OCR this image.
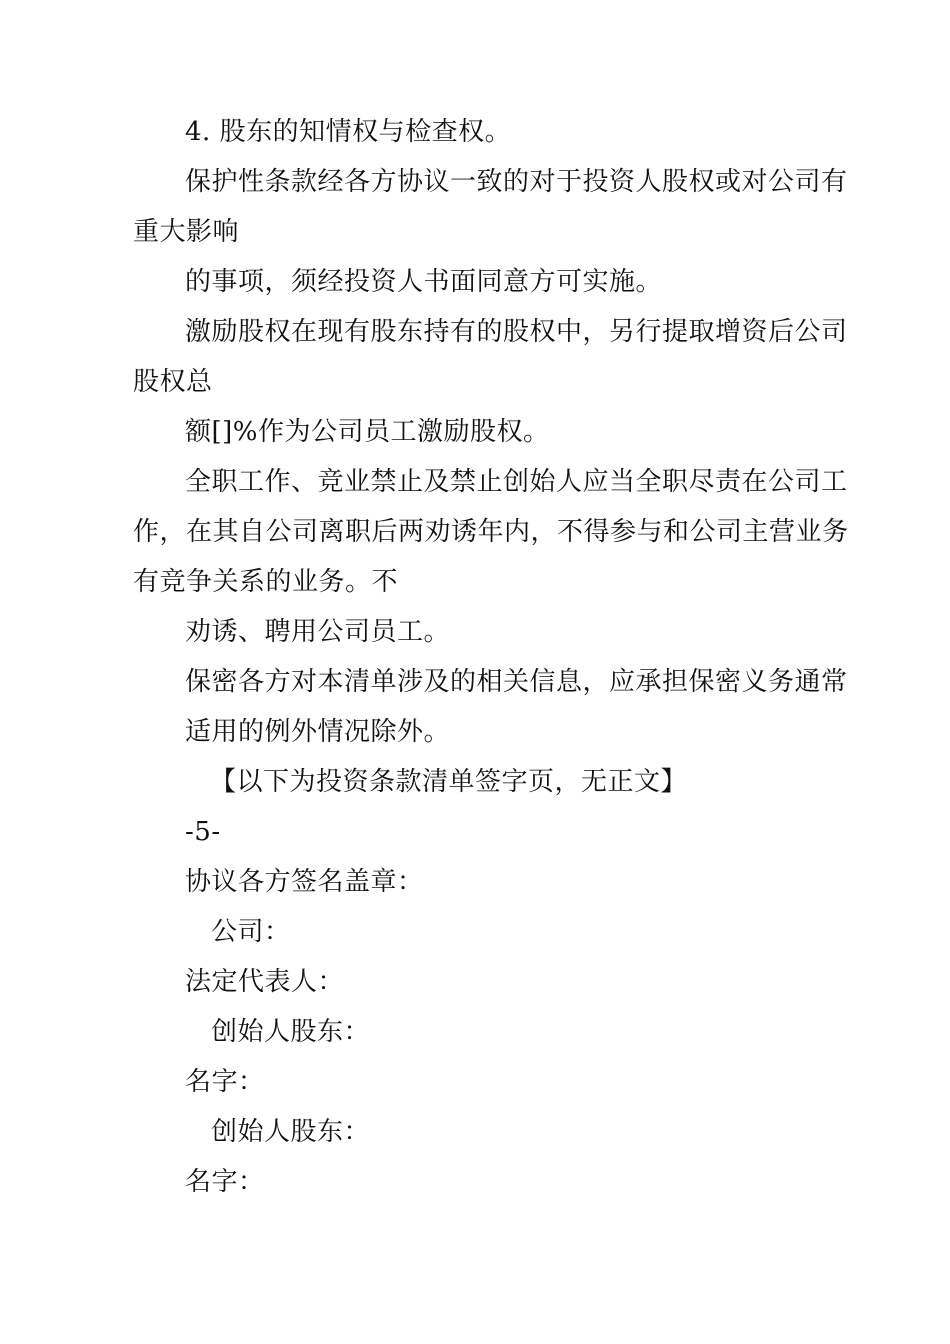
4. 股东的知情权与检查权。
保护性条款经各方协议一致的对于投资人股权或对公司有
重大影响
的事项，须经投资人书面同意方可实施。
激励股权在现有股东持有的股权中，另行提取增资后公司
股权总
额[]%作为公司员工激励股权。
全职工作、竞业禁止及禁止创始人应当全职尽责在公司工
作，在其自公司离职后两劝诱年内，不得参与和公司主营业务
有竞争关系的业务。不
劝诱、聘用公司员工。
保密各方对本清单涉及的相关信息，应承担保密义务通常
适用的例外情况除外。
【以下为投资条款清单签字页，无正文】
-5-
协议各方签名盖章：
公司：
法定代表人：
创始人股东：
名字：
创始人股东：
名字：
